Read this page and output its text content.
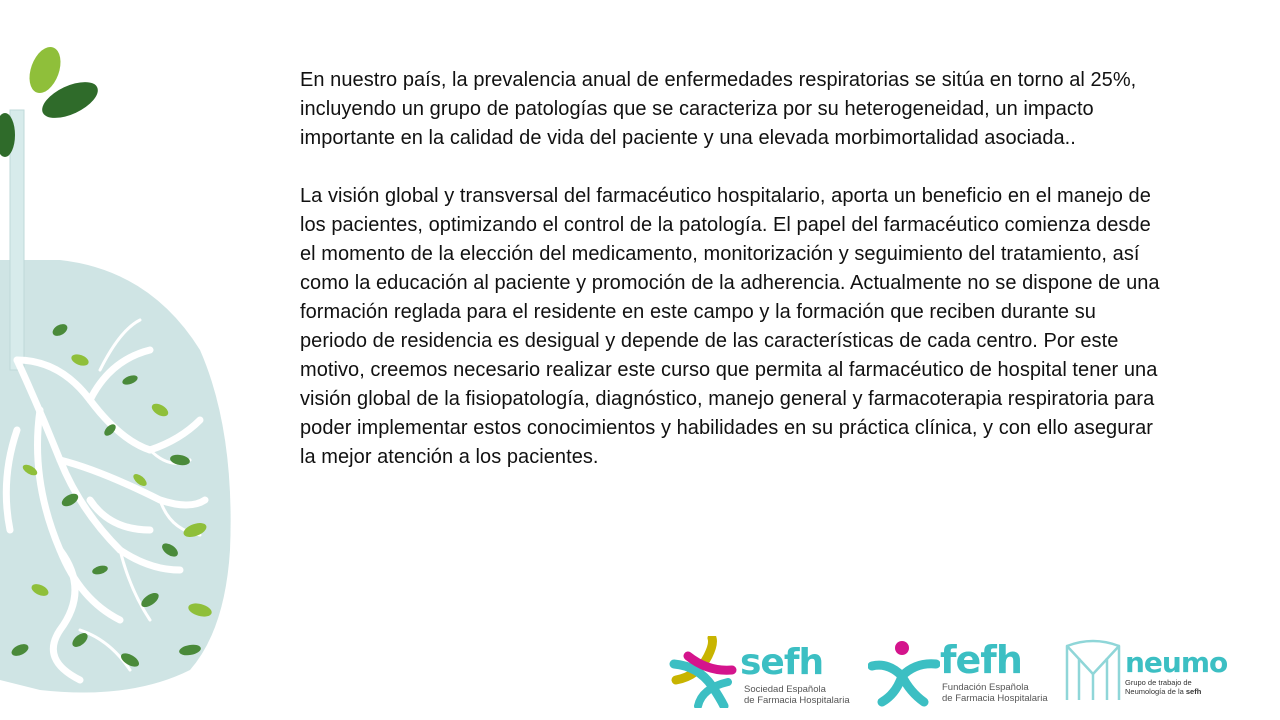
En nuestro país, la prevalencia anual de enfermedades respiratorias se sitúa en torno al 25%, incluyendo un grupo de patologías que se caracteriza por su heterogeneidad, un impacto importante en la calidad de vida del paciente y una elevada morbimortalidad asociada..

La visión global y transversal del farmacéutico hospitalario, aporta un beneficio en el manejo de los pacientes, optimizando el control de la patología. El papel del farmacéutico comienza desde el momento de la elección del medicamento, monitorización y seguimiento del tratamiento, así como la educación al paciente y promoción de la adherencia. Actualmente no se dispone de una formación reglada para el residente en este campo y la formación que reciben durante su periodo de residencia es desigual y depende de las características de cada centro. Por este motivo, creemos necesario realizar este curso que permita al farmacéutico de hospital tener una visión global de la fisiopatología, diagnóstico, manejo general y farmacoterapia respiratoria para poder implementar estos conocimientos y habilidades en su práctica clínica, y con ello asegurar la mejor atención a los pacientes.

sefh
Sociedad Española
de Farmacia Hospitalaria
fefh
Fundación Española
de Farmacia Hospitalaria
neumo
Grupo de trabajo de
Neumología de la sefh
